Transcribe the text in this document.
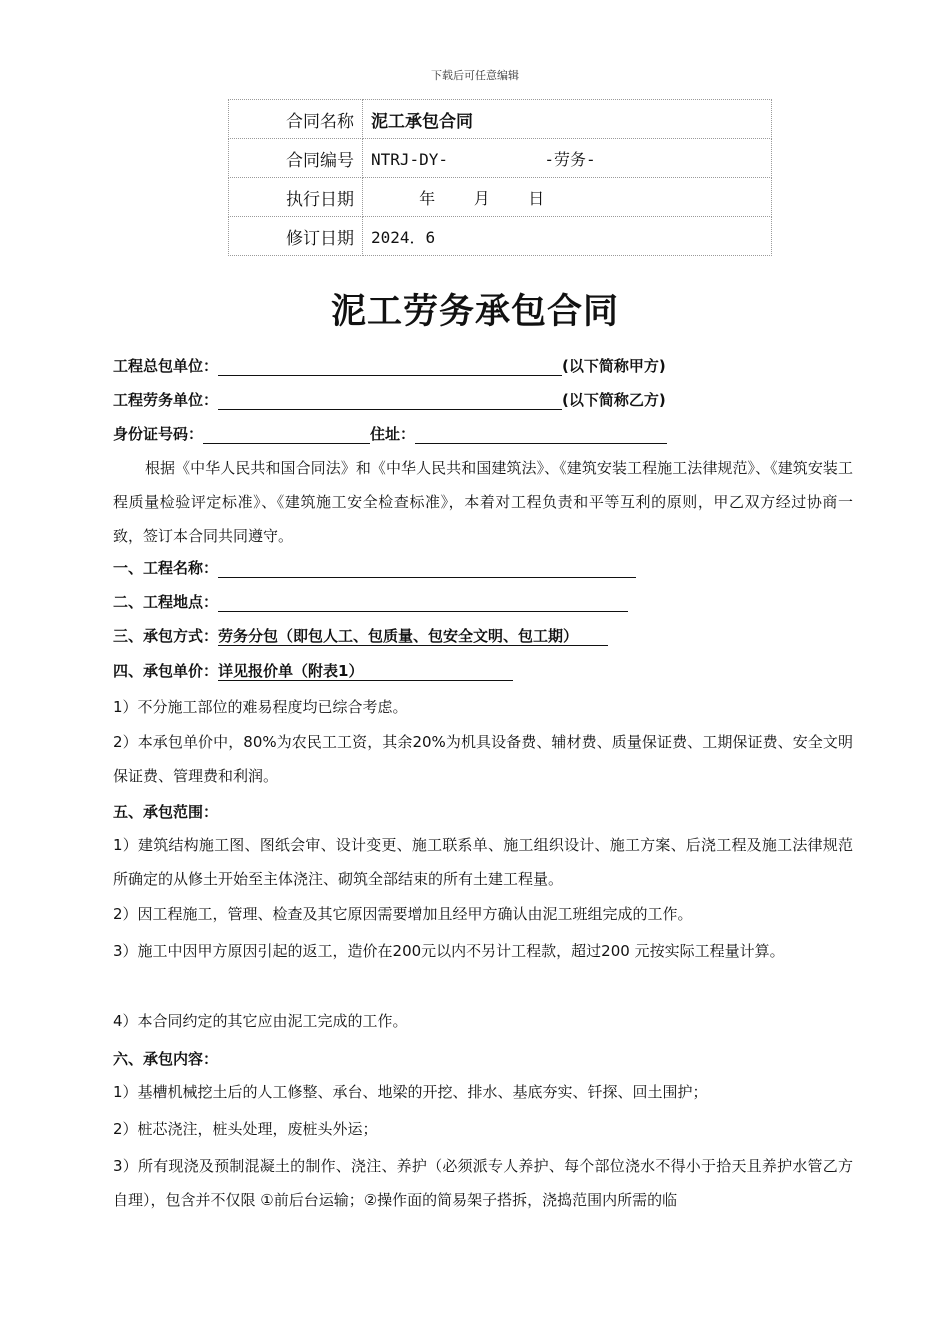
下载后可任意编辑
合同名称	泥工承包合同
合同编号	NTRJ-DY-          -劳务-
执行日期	年    月    日
修订日期	2024．6
泥工劳务承包合同
工程总包单位：	(以下简称甲方)
工程劳务单位：	(以下简称乙方)
身份证号码：	住址：
根据《中华人民共和国合同法》和《中华人民共和国建筑法》、《建筑安装工程施工法律规范》、《建筑安装工程质量检验评定标准》、《建筑施工安全检查标准》，本着对工程负责和平等互利的原则，甲乙双方经过协商一致，签订本合同共同遵守。
一、工程名称：
二、工程地点：
三、承包方式：劳务分包（即包人工、包质量、包安全文明、包工期）
四、承包单价：详见报价单（附表1）
1）不分施工部位的难易程度均已综合考虑。
2）本承包单价中，80%为农民工工资，其余20%为机具设备费、辅材费、质量保证费、工期保证费、安全文明保证费、管理费和利润。
五、承包范围：
1）建筑结构施工图、图纸会审、设计变更、施工联系单、施工组织设计、施工方案、后浇工程及施工法律规范所确定的从修土开始至主体浇注、砌筑全部结束的所有土建工程量。
2）因工程施工，管理、检查及其它原因需要增加且经甲方确认由泥工班组完成的工作。
3）施工中因甲方原因引起的返工，造价在200元以内不另计工程款，超过200 元按实际工程量计算。
4）本合同约定的其它应由泥工完成的工作。
六、承包内容：
1）基槽机械挖土后的人工修整、承台、地梁的开挖、排水、基底夯实、钎探、回土围护；
2）桩芯浇注，桩头处理，废桩头外运；
3）所有现浇及预制混凝土的制作、浇注、养护（必须派专人养护、每个部位浇水不得小于拾天且养护水管乙方自理），包含并不仅限 ①前后台运输；②操作面的简易架子搭拆，浇捣范围内所需的临
